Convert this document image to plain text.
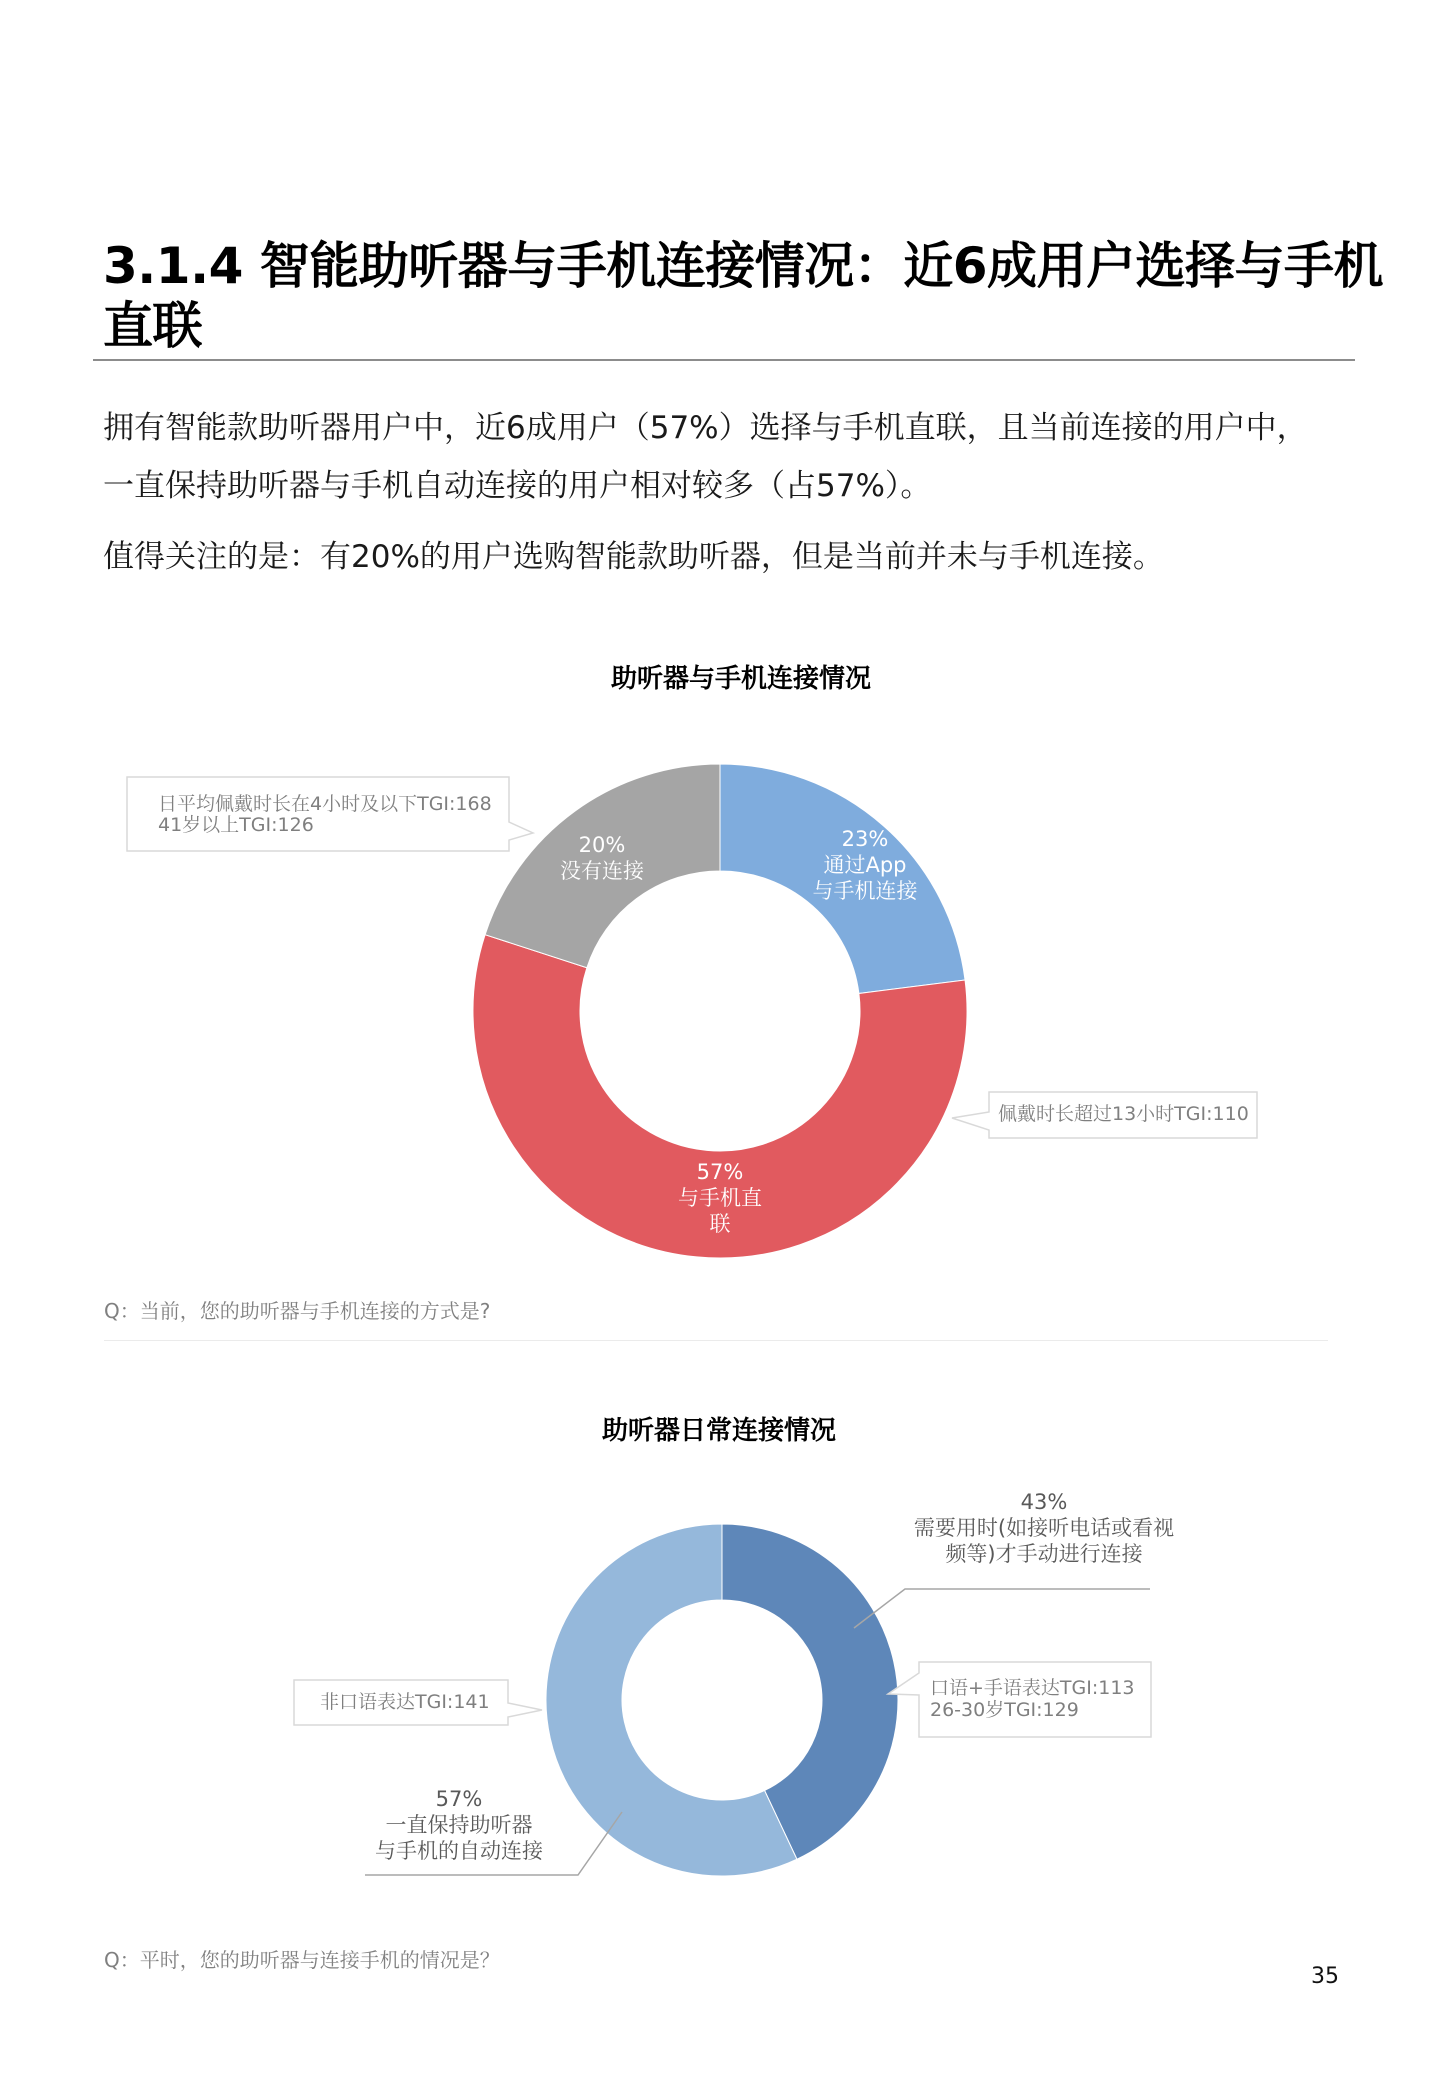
3.1.4 智能助听器与手机连接情况：近6成用户选择与手机
直联
拥有智能款助听器用户中，近6成用户（57%）选择与手机直联，且当前连接的用户中，
一直保持助听器与手机自动连接的用户相对较多（占57%）。
值得关注的是：有20%的用户选购智能款助听器，但是当前并未与手机连接。
助听器与手机连接情况
助听器日常连接情况
20%
没有连接
23%
通过App
与手机连接
57%
与手机直
联
日平均佩戴时长在4小时及以下TGI:168
41岁以上TGI:126
佩戴时长超过13小时TGI:110
Q：当前，您的助听器与手机连接的方式是?
43%
需要用时(如接听电话或看视
频等)才手动进行连接
57%
一直保持助听器
与手机的自动连接
口语+手语表达TGI:113
26-30岁TGI:129
非口语表达TGI:141
Q：平时，您的助听器与连接手机的情况是？
35
